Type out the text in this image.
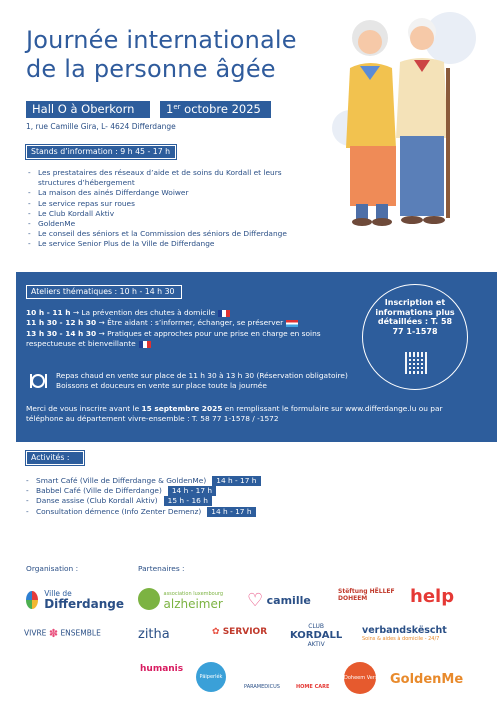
Journée internationale
de la personne âgée
Hall O à Oberkorn	1er octobre 2025
1, rue Camille Gira, L- 4624 Differdange
Stands d’information : 9 h 45 - 17 h
- Les prestataires des réseaux d’aide et de soins du Kordall et leurs structures d’hébergement
- La maison des ainés Differdange Woiwer
- Le service repas sur roues
- Le Club Kordall Aktiv
- GoldenMe
- Le conseil des séniors et la Commission des séniors de Differdange
- Le service Senior Plus de la Ville de Differdange
Inscription et informations plus détaillées : T. 58 77 1-1578
Ateliers thématiques : 10 h - 14 h 30
10 h - 11 h → La prévention des chutes à domicile
11 h 30 - 12 h 30 → Être aidant : s’informer, échanger, se préserver
13 h 30 - 14 h 30 → Pratiques et approches pour une prise en charge en soins respectueuse et bienveillante
Repas chaud en vente sur place de 11 h 30 à 13 h 30 (Réservation obligatoire)
Boissons et douceurs en vente sur place toute la journée
Merci de vous inscrire avant le 15 septembre 2025 en remplissant le formulaire sur www.differdange.lu ou par téléphone au département vivre-ensemble : T. 58 77 1-1578 / -1572
Activités :
- Smart Café (Ville de Differdange & GoldenMe) 14 h - 17 h
- Babbel Café (Ville de Differdange) 14 h - 17 h
- Danse assise (Club Kordall Aktiv) 15 h - 16 h
- Consultation démence (Info Zenter Demenz) 14 h - 17 h
Organisation :	Partenaires :

Ville de
Differdange
VIVRE ✽ ENSEMBLE

association luxembourg
alzheimer ♡ camille
Stëftung HËLLEF DOHEEM	help
zitha	✿ SERVIOR
CLUB
KORDALL
AKTIV
verbandskëscht
Soins & aides à domicile - 24/7
humanis
Päiperlék
PARAMEDICUS	HOME CARE
Doheem Versuergt GoldenMe
